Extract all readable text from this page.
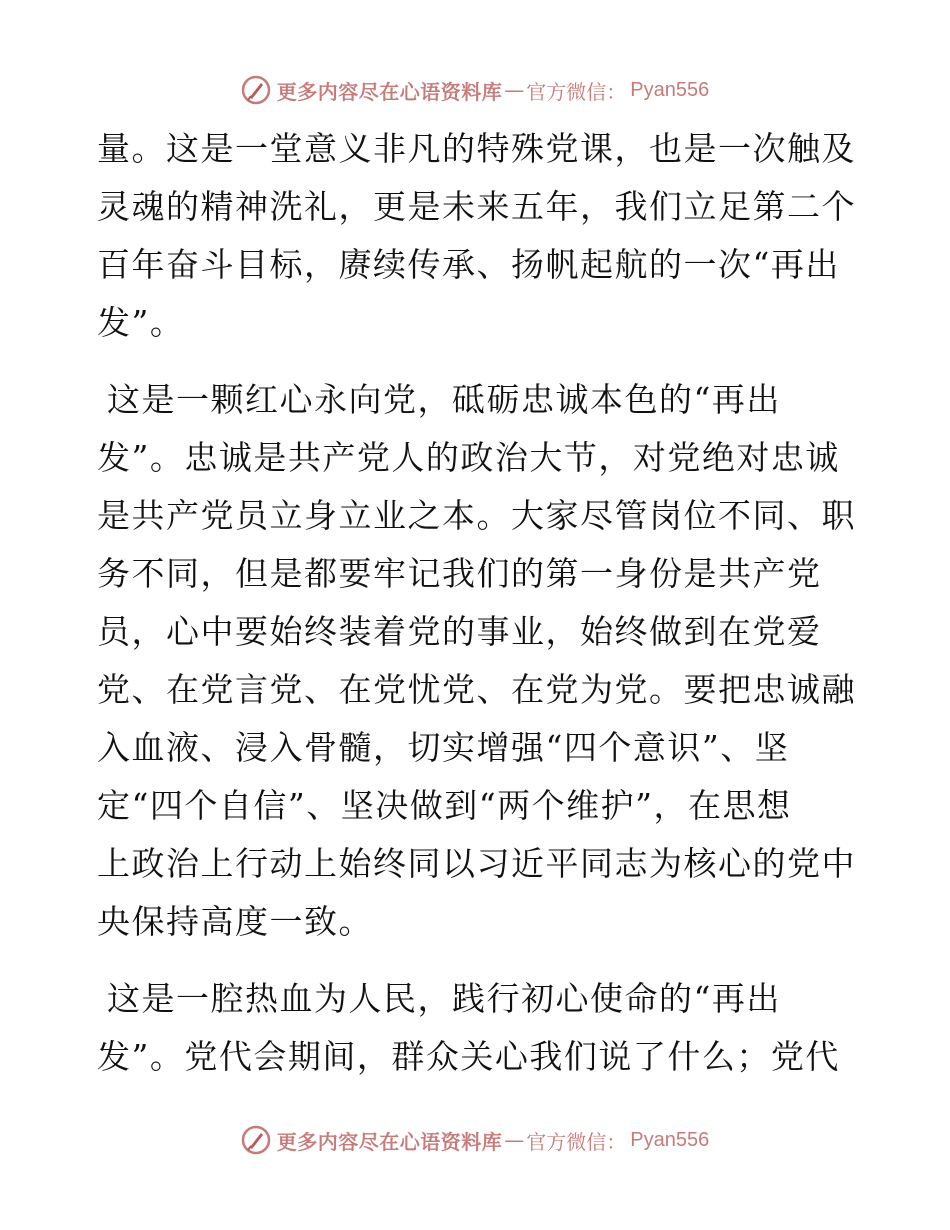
更多内容尽在心语资料库 — 官方微信： Pyan556
量。这是一堂意义非凡的特殊党课，也是一次触及
灵魂的精神洗礼，更是未来五年，我们立足第二个
百年奋斗目标，赓续传承、扬帆起航的一次“再出
发”。
这是一颗红心永向党，砥砺忠诚本色的“再出
发”。忠诚是共产党人的政治大节，对党绝对忠诚
是共产党员立身立业之本。大家尽管岗位不同、职
务不同，但是都要牢记我们的第一身份是共产党
员，心中要始终装着党的事业，始终做到在党爱
党、在党言党、在党忧党、在党为党。要把忠诚融
入血液、浸入骨髓，切实增强“四个意识”、坚
定“四个自信”、坚决做到“两个维护”，在思想
上政治上行动上始终同以习近平同志为核心的党中
央保持高度一致。
这是一腔热血为人民，践行初心使命的“再出
发”。党代会期间，群众关心我们说了什么；党代
更多内容尽在心语资料库 — 官方微信： Pyan556
